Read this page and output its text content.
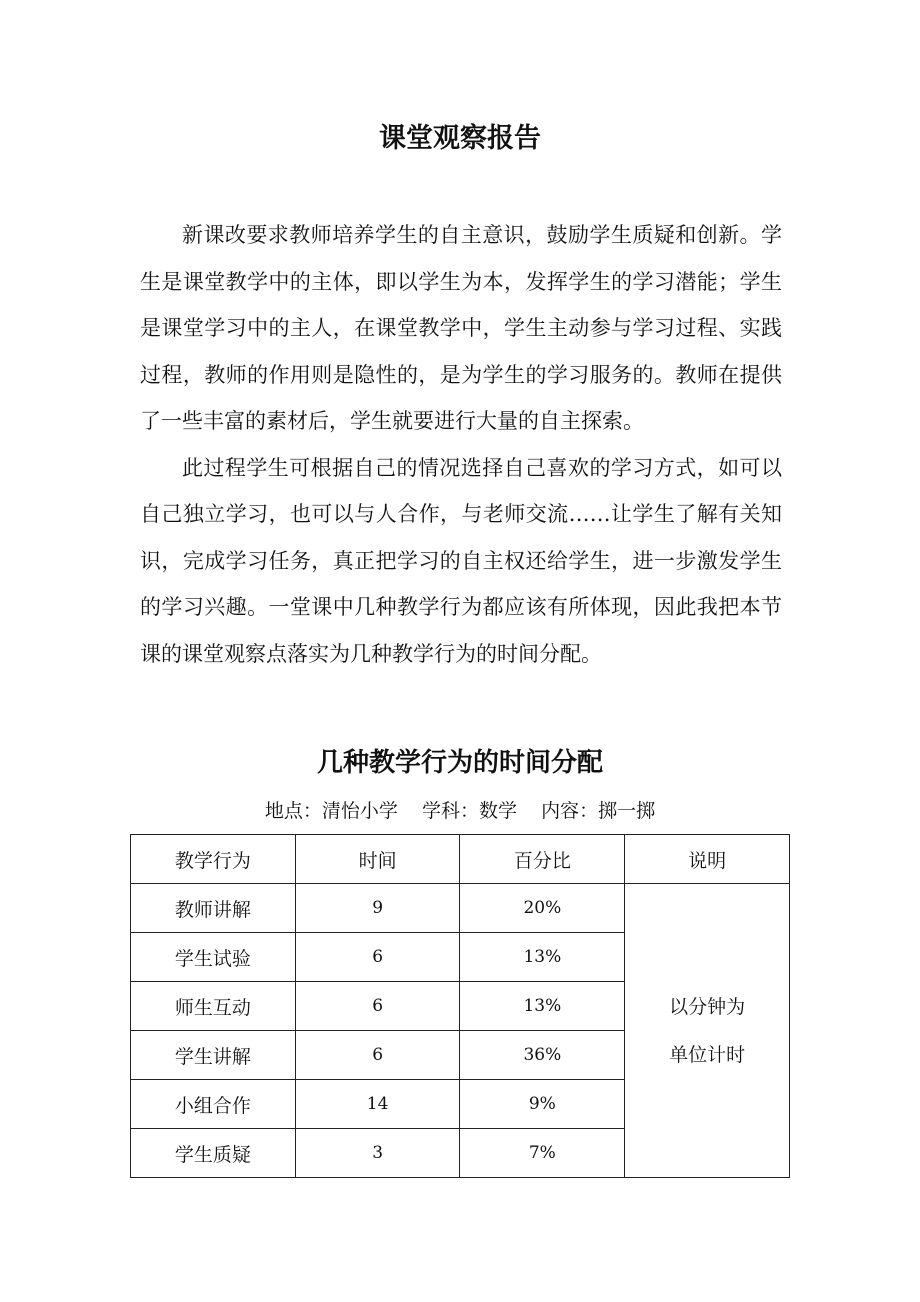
课堂观察报告

新课改要求教师培养学生的自主意识，鼓励学生质疑和创新。学生是课堂教学中的主体，即以学生为本，发挥学生的学习潜能；学生是课堂学习中的主人，在课堂教学中，学生主动参与学习过程、实践过程，教师的作用则是隐性的，是为学生的学习服务的。教师在提供了一些丰富的素材后，学生就要进行大量的自主探索。

此过程学生可根据自己的情况选择自己喜欢的学习方式，如可以自己独立学习，也可以与人合作，与老师交流……让学生了解有关知识，完成学习任务，真正把学习的自主权还给学生，进一步激发学生的学习兴趣。一堂课中几种教学行为都应该有所体现，因此我把本节课的课堂观察点落实为几种教学行为的时间分配。

几种教学行为的时间分配
地点：清怡小学    学科：数学    内容：掷一掷
教学行为	时间	百分比	说明
教师讲解	9	20%	以分钟为
单位计时

学生试验	6	13%	
师生互动	6	13%	
学生讲解	6	36%	
小组合作	14	9%	
学生质疑	3	7%	
